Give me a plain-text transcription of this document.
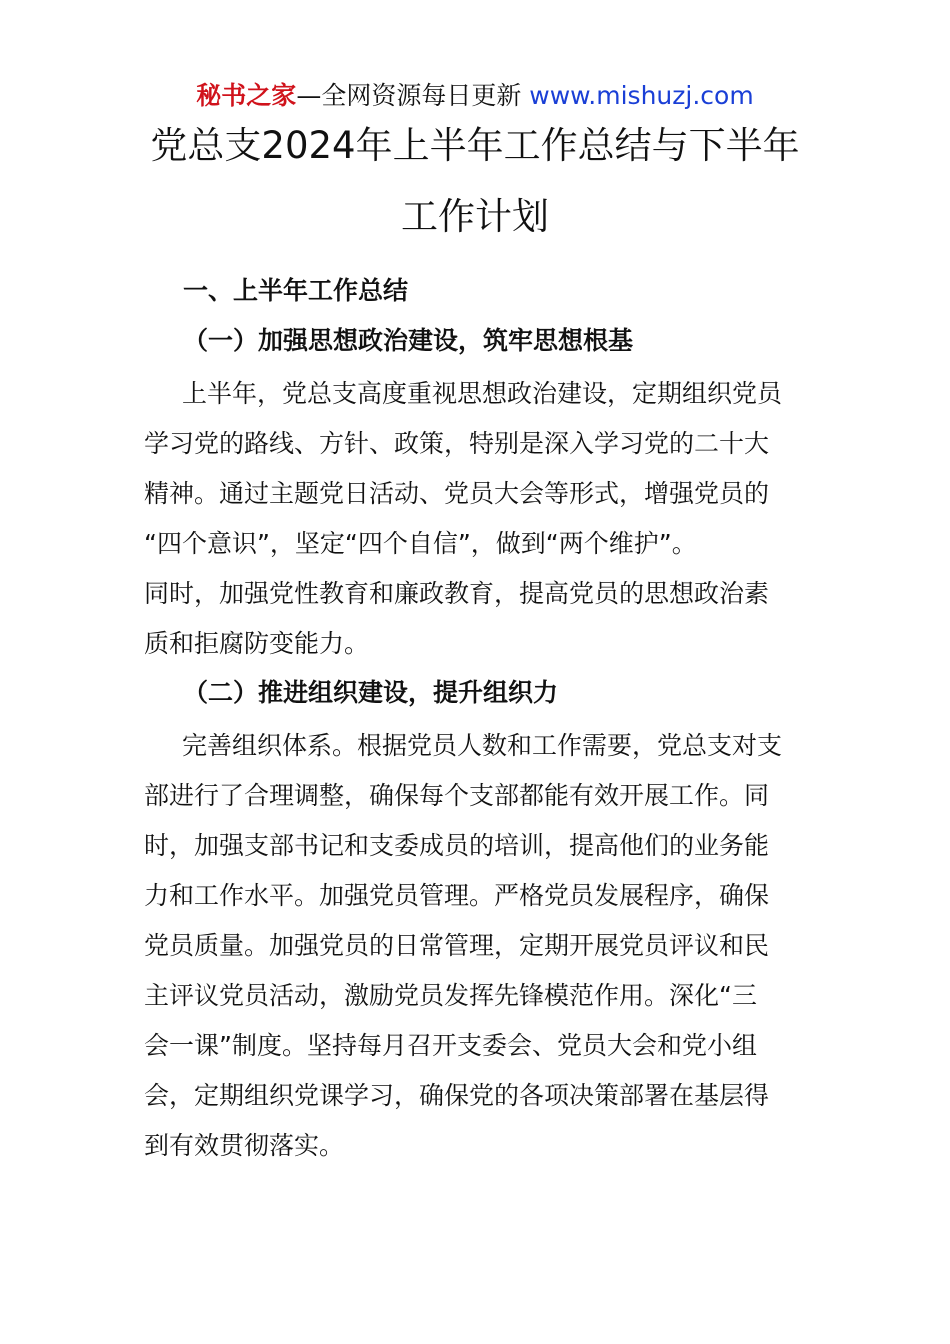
秘书之家—全网资源每日更新 www.mishuzj.com
党总支2024年上半年工作总结与下半年
工作计划
一、上半年工作总结
（一）加强思想政治建设，筑牢思想根基
上半年，党总支高度重视思想政治建设，定期组织党员
学习党的路线、方针、政策，特别是深入学习党的二十大
精神。通过主题党日活动、党员大会等形式，增强党员的
“四个意识”，坚定“四个自信”，做到“两个维护”。
同时，加强党性教育和廉政教育，提高党员的思想政治素
质和拒腐防变能力。
（二）推进组织建设，提升组织力
完善组织体系。根据党员人数和工作需要，党总支对支
部进行了合理调整，确保每个支部都能有效开展工作。同
时，加强支部书记和支委成员的培训，提高他们的业务能
力和工作水平。加强党员管理。严格党员发展程序，确保
党员质量。加强党员的日常管理，定期开展党员评议和民
主评议党员活动，激励党员发挥先锋模范作用。深化“三
会一课”制度。坚持每月召开支委会、党员大会和党小组
会，定期组织党课学习，确保党的各项决策部署在基层得
到有效贯彻落实。
